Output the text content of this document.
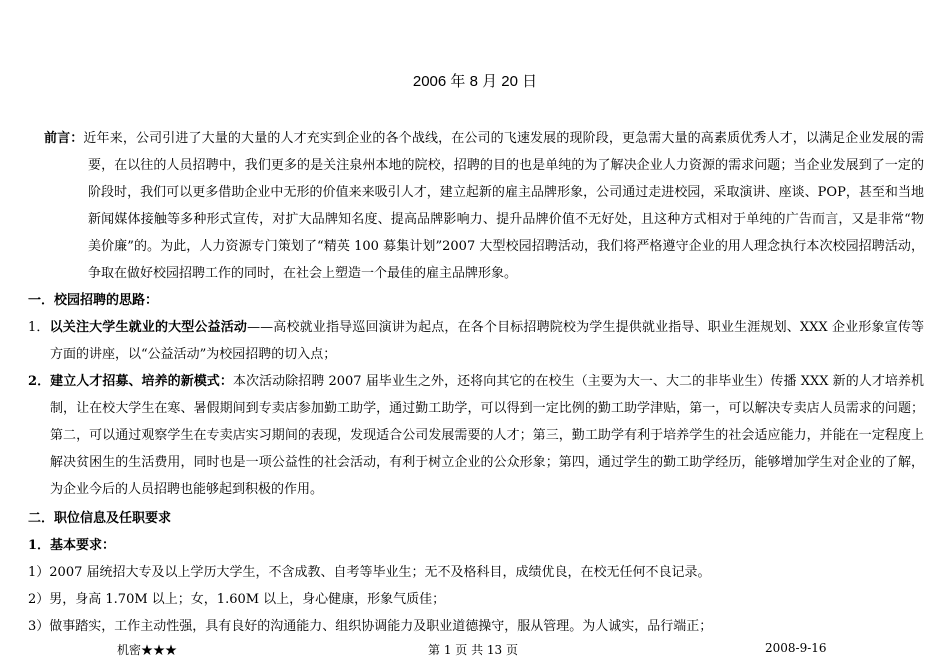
2006 年 8 月 20 日

前言：近年来，公司引进了大量的大量的人才充实到企业的各个战线，在公司的飞速发展的现阶段，更急需大量的高素质优秀人才，以满足企业发展的需要，在以往的人员招聘中，我们更多的是关注泉州本地的院校，招聘的目的也是单纯的为了解决企业人力资源的需求问题；当企业发展到了一定的阶段时，我们可以更多借助企业中无形的价值来来吸引人才，建立起新的雇主品牌形象，公司通过走进校园，采取演讲、座谈、POP，甚至和当地新闻媒体接触等多种形式宣传，对扩大品牌知名度、提高品牌影响力、提升品牌价值不无好处，且这种方式相对于单纯的广告而言，又是非常“物美价廉”的。为此，人力资源专门策划了“精英 100 募集计划”2007 大型校园招聘活动，我们将严格遵守企业的用人理念执行本次校园招聘活动，争取在做好校园招聘工作的同时，在社会上塑造一个最佳的雇主品牌形象。

一．校园招聘的思路：

1．以关注大学生就业的大型公益活动——高校就业指导巡回演讲为起点，在各个目标招聘院校为学生提供就业指导、职业生涯规划、XXX 企业形象宣传等方面的讲座，以“公益活动”为校园招聘的切入点；

2．建立人才招募、培养的新模式：本次活动除招聘 2007 届毕业生之外，还将向其它的在校生（主要为大一、大二的非毕业生）传播 XXX 新的人才培养机制，让在校大学生在寒、暑假期间到专卖店参加勤工助学，通过勤工助学，可以得到一定比例的勤工助学津贴，第一，可以解决专卖店人员需求的问题；第二，可以通过观察学生在专卖店实习期间的表现，发现适合公司发展需要的人才；第三，勤工助学有利于培养学生的社会适应能力，并能在一定程度上解决贫困生的生活费用，同时也是一项公益性的社会活动，有利于树立企业的公众形象；第四，通过学生的勤工助学经历，能够增加学生对企业的了解，为企业今后的人员招聘也能够起到积极的作用。

二．职位信息及任职要求

1．基本要求：

1）2007 届统招大专及以上学历大学生，不含成教、自考等毕业生；无不及格科目，成绩优良，在校无任何不良记录。

2）男，身高 1.70M 以上；女，1.60M 以上，身心健康，形象气质佳；

3）做事踏实，工作主动性强，具有良好的沟通能力、组织协调能力及职业道德操守，服从管理。为人诚实，品行端正；

机密★★★	第 1 页 共 13 页	2008-9-16
